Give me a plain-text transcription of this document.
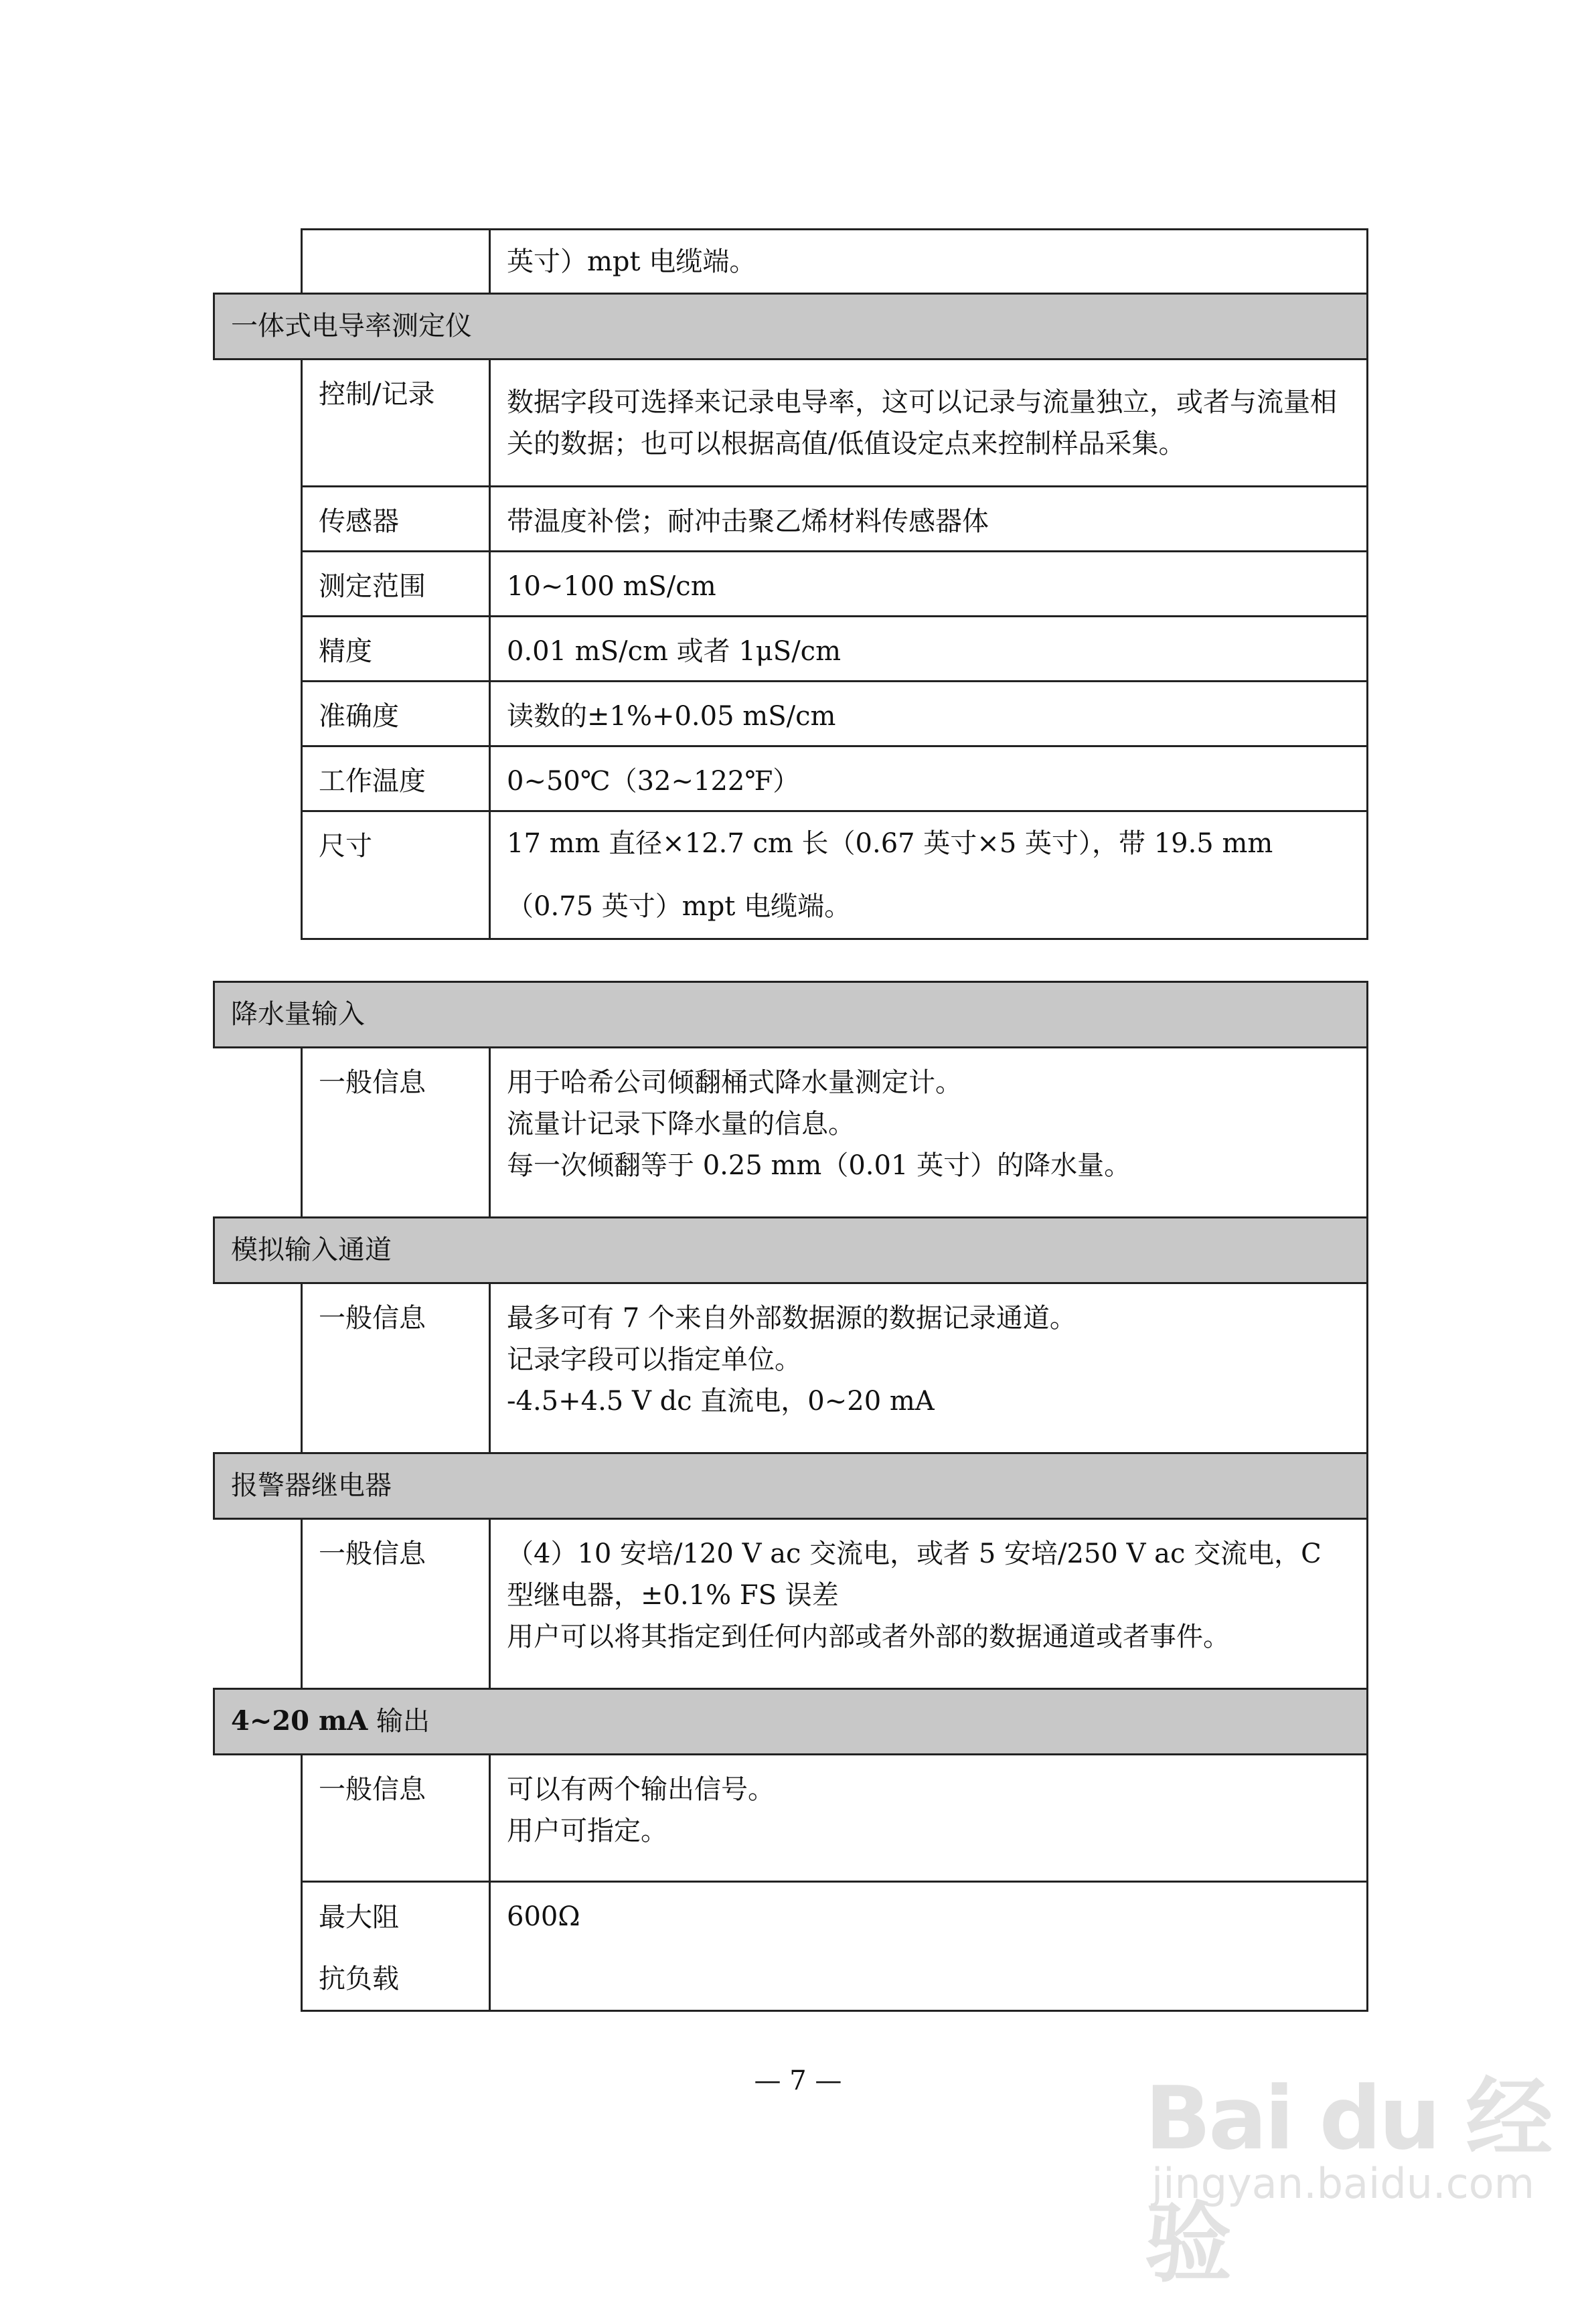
		英寸）mpt 电缆端。
一体式电导率测定仪		
	控制/记录	数据字段可选择来记录电导率，这可以记录与流量独立，或者与流量相关的数据；也可以根据高值/低值设定点来控制样品采集。

	传感器	带温度补偿；耐冲击聚乙烯材料传感器体
	测定范围	10~100 mS/cm
	精度	0.01 mS/cm 或者 1μS/cm
	准确度	读数的±1%+0.05 mS/cm
	工作温度	0~50℃（32~122℉）
	尺寸	17 mm 直径×12.7 cm 长（0.67 英寸×5 英寸），带 19.5 mm（0.75 英寸）mpt 电缆端。
降水量输入		
	一般信息	用于哈希公司倾翻桶式降水量测定计。
流量计记录下降水量的信息。
每一次倾翻等于 0.25 mm（0.01 英寸）的降水量。

模拟输入通道		
	一般信息	最多可有 7 个来自外部数据源的数据记录通道。
记录字段可以指定单位。
-4.5+4.5 V dc 直流电，0~20 mA

报警器继电器		
	一般信息	（4）10 安培/120 V ac 交流电，或者 5 安培/250 V ac 交流电，C 型继电器，±0.1% FS 误差
用户可以将其指定到任何内部或者外部的数据通道或者事件。

4~20 mA 输出		
	一般信息	可以有两个输出信号。
用户可指定。

	最大阻
抗负载	600Ω
— 7 —	Bai du 经验
jingyan.baidu.com
